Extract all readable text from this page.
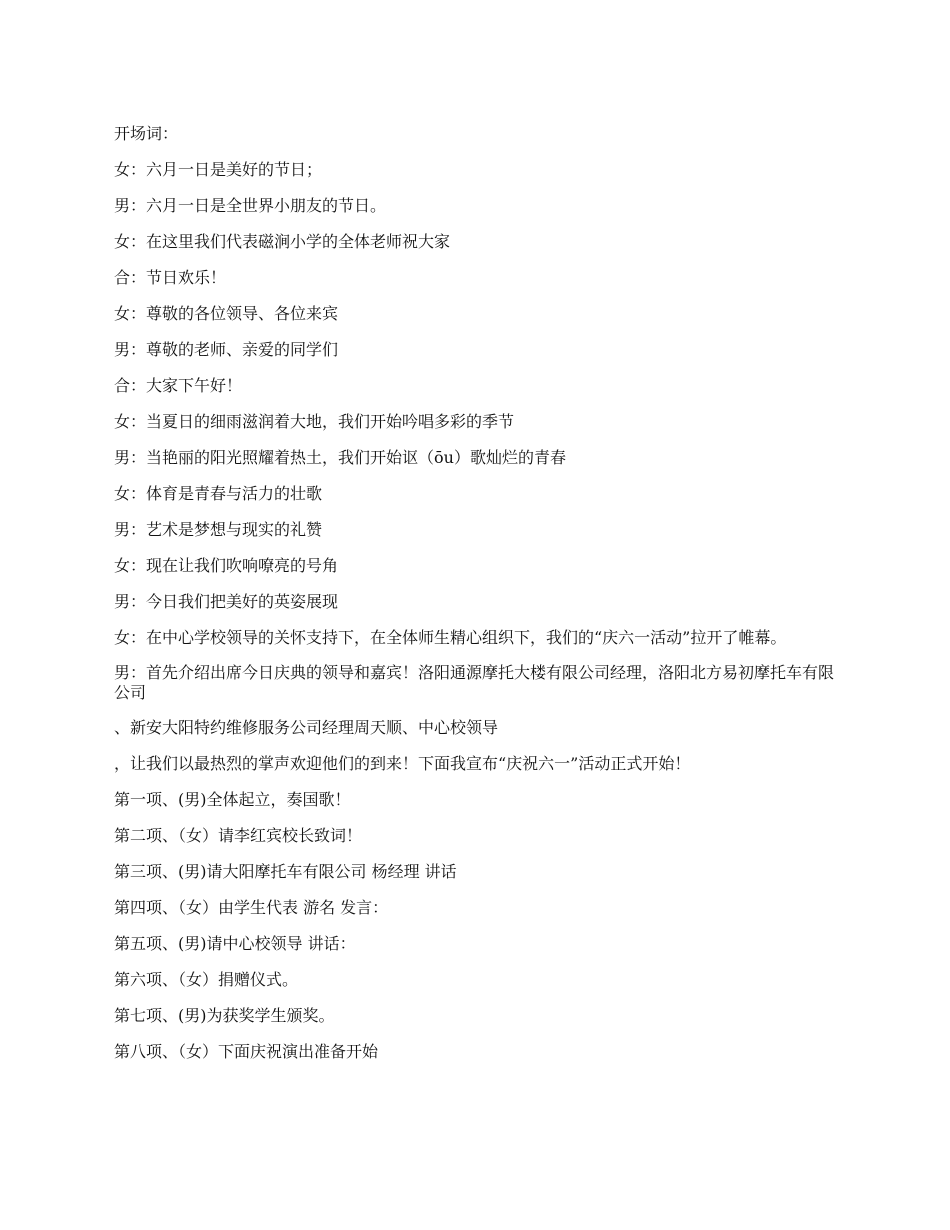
开场词：
女：六月一日是美好的节日；
男：六月一日是全世界小朋友的节日。
女：在这里我们代表磁涧小学的全体老师祝大家
合：节日欢乐！
女：尊敬的各位领导、各位来宾
男：尊敬的老师、亲爱的同学们
合：大家下午好！
女：当夏日的细雨滋润着大地，我们开始吟唱多彩的季节
男：当艳丽的阳光照耀着热土，我们开始讴（ōu）歌灿烂的青春
女：体育是青春与活力的壮歌
男：艺术是梦想与现实的礼赞
女：现在让我们吹响嘹亮的号角
男：今日我们把美好的英姿展现
女：在中心学校领导的关怀支持下，在全体师生精心组织下，我们的“庆六一活动”拉开了帷幕。
男：首先介绍出席今日庆典的领导和嘉宾！洛阳通源摩托大楼有限公司经理，洛阳北方易初摩托车有限公司
、新安大阳特约维修服务公司经理周天顺、中心校领导
，让我们以最热烈的掌声欢迎他们的到来！下面我宣布“庆祝六一”活动正式开始！
第一项、(男)全体起立，奏国歌！
第二项、（女）请李红宾校长致词！
第三项、(男)请大阳摩托车有限公司 杨经理 讲话
第四项、（女）由学生代表 游名 发言：
第五项、(男)请中心校领导 讲话：
第六项、（女）捐赠仪式。
第七项、(男)为获奖学生颁奖。
第八项、（女）下面庆祝演出准备开始
